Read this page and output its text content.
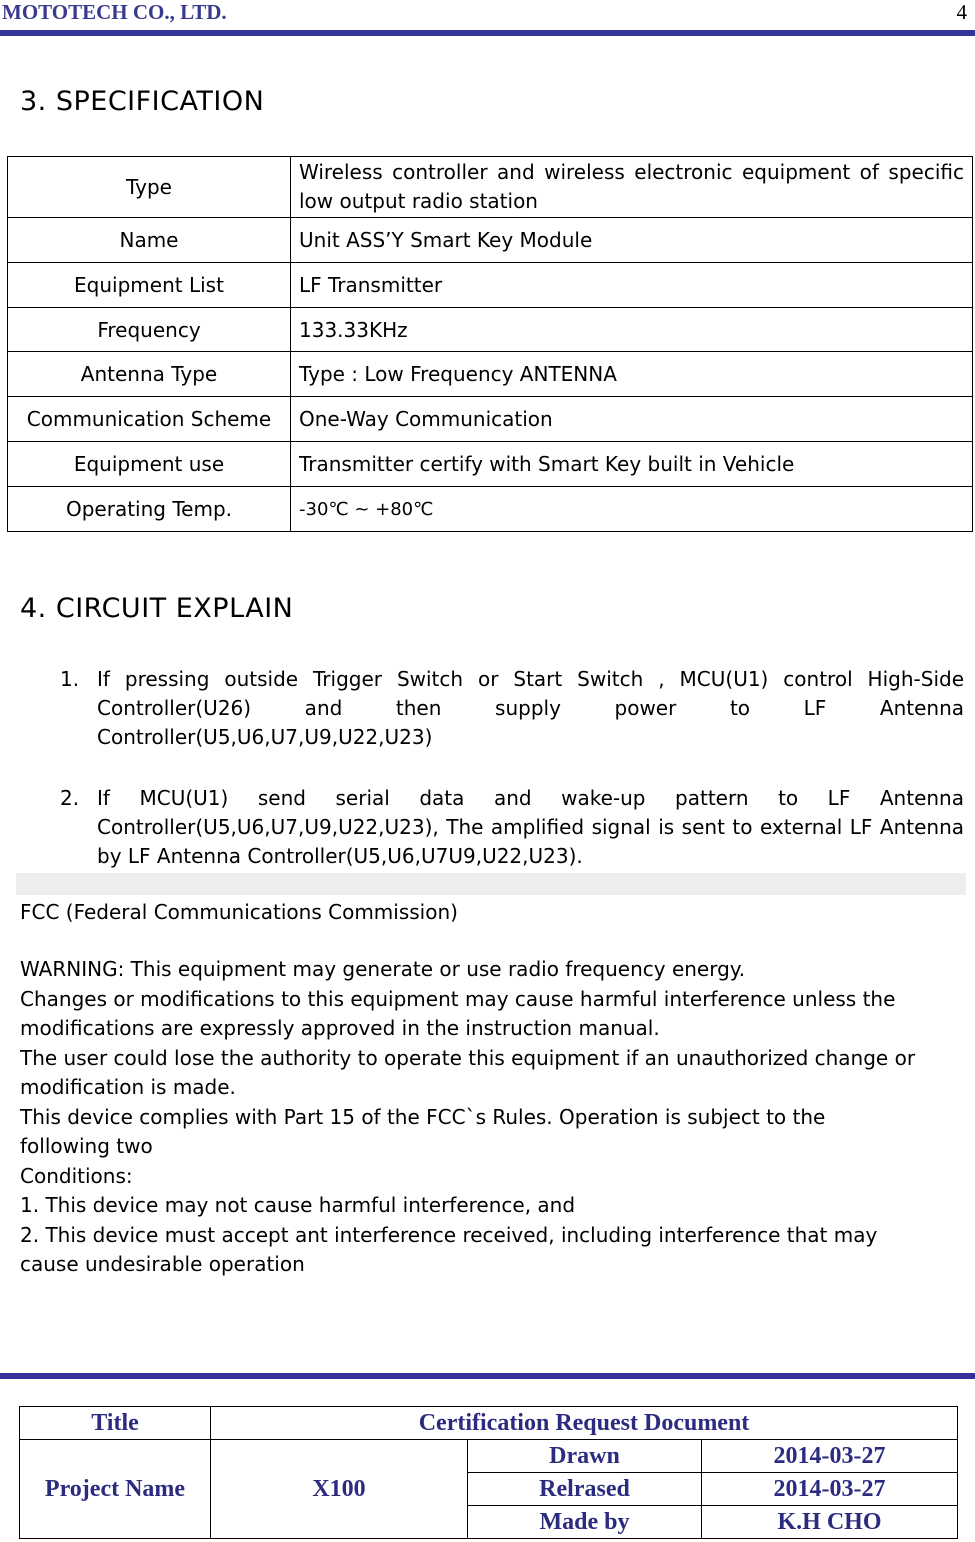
MOTOTECH CO., LTD.	4
3. SPECIFICATION
Type	Wireless controller and wireless electronic equipment of specific low output radio station
Name	Unit ASS’Y Smart Key Module
Equipment List	LF Transmitter
Frequency	133.33KHz
Antenna Type	Type : Low Frequency ANTENNA
Communication Scheme	One-Way Communication
Equipment use	Transmitter certify with Smart Key built in Vehicle
Operating Temp.	-30℃ ~ +80℃
4. CIRCUIT EXPLAIN
1. If pressing outside Trigger Switch or Start Switch , MCU(U1) control High-Side Controller(U26) and then supply power to LF Antenna Controller(U5,U6,U7,U9,U22,U23)
2. If MCU(U1) send serial data and wake-up pattern to LF Antenna Controller(U5,U6,U7,U9,U22,U23), The amplified signal is sent to external LF Antenna by LF Antenna Controller(U5,U6,U7U9,U22,U23).
FCC (Federal Communications Commission)
WARNING: This equipment may generate or use radio frequency energy.
Changes or modifications to this equipment may cause harmful interference unless the
modifications are expressly approved in the instruction manual.
The user could lose the authority to operate this equipment if an unauthorized change or
modification is made.
This device complies with Part 15 of the FCC`s Rules. Operation is subject to the
following two
Conditions:
1. This device may not cause harmful interference, and
2. This device must accept ant interference received, including interference that may
cause undesirable operation
Title	Certification Request Document		
Project Name	X100	Drawn	2014-03-27
		Relrased	2014-03-27
		Made by	K.H CHO
